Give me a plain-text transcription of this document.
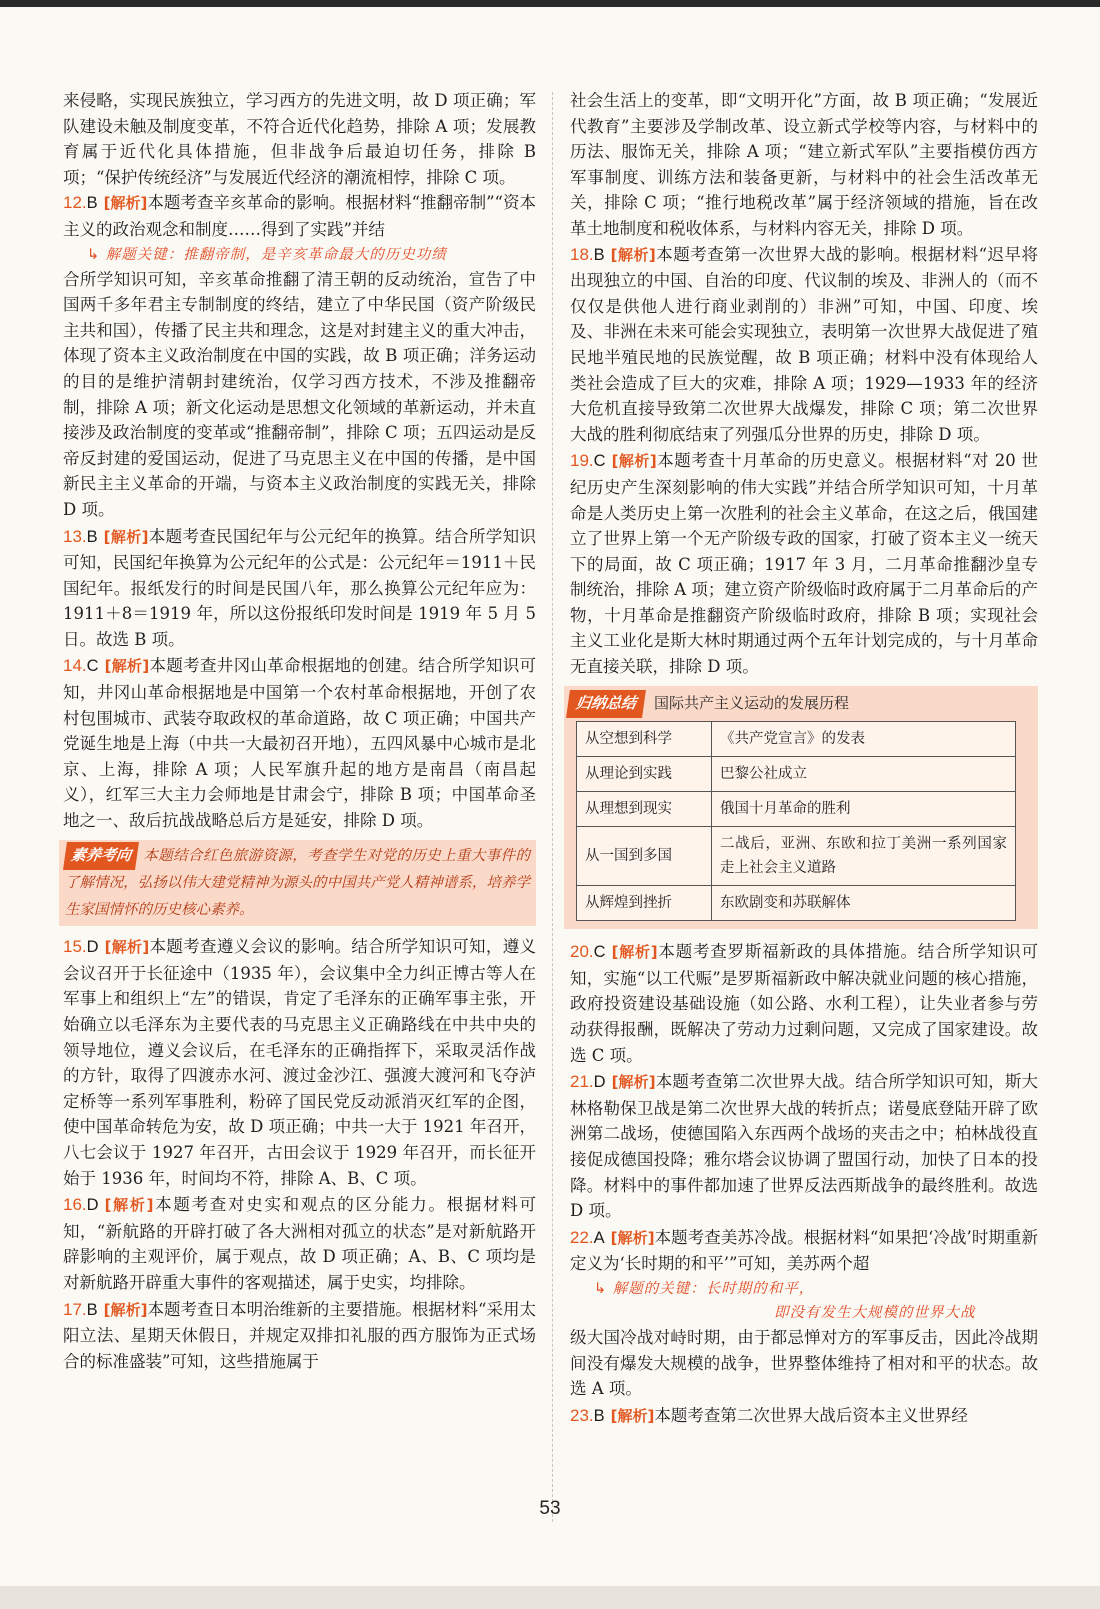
来侵略，实现民族独立，学习西方的先进文明，故 D 项正确；军队建设未触及制度变革，不符合近代化趋势，排除 A 项；发展教育属于近代化具体措施，但非战争后最迫切任务，排除 B 项；“保护传统经济”与发展近代经济的潮流相悖，排除 C 项。
12.B [解析]本题考查辛亥革命的影响。根据材料“推翻帝制”“资本主义的政治观念和制度……得到了实践”并结
↳ 解题关键：推翻帝制，是辛亥革命最大的历史功绩
合所学知识可知，辛亥革命推翻了清王朝的反动统治，宣告了中国两千多年君主专制制度的终结，建立了中华民国（资产阶级民主共和国），传播了民主共和理念，这是对封建主义的重大冲击，体现了资本主义政治制度在中国的实践，故 B 项正确；洋务运动的目的是维护清朝封建统治，仅学习西方技术，不涉及推翻帝制，排除 A 项；新文化运动是思想文化领域的革新运动，并未直接涉及政治制度的变革或“推翻帝制”，排除 C 项；五四运动是反帝反封建的爱国运动，促进了马克思主义在中国的传播，是中国新民主主义革命的开端，与资本主义政治制度的实践无关，排除 D 项。
13.B [解析]本题考查民国纪年与公元纪年的换算。结合所学知识可知，民国纪年换算为公元纪年的公式是：公元纪年＝1911＋民国纪年。报纸发行的时间是民国八年，那么换算公元纪年应为：1911＋8＝1919 年，所以这份报纸印发时间是 1919 年 5 月 5 日。故选 B 项。
14.C [解析]本题考查井冈山革命根据地的创建。结合所学知识可知，井冈山革命根据地是中国第一个农村革命根据地，开创了农村包围城市、武装夺取政权的革命道路，故 C 项正确；中国共产党诞生地是上海（中共一大最初召开地），五四风暴中心城市是北京、上海，排除 A 项；人民军旗升起的地方是南昌（南昌起义），红军三大主力会师地是甘肃会宁，排除 B 项；中国革命圣地之一、敌后抗战战略总后方是延安，排除 D 项。
素养考向 本题结合红色旅游资源，考查学生对党的历史上重大事件的了解情况，弘扬以伟大建党精神为源头的中国共产党人精神谱系，培养学生家国情怀的历史核心素养。
15.D [解析]本题考查遵义会议的影响。结合所学知识可知，遵义会议召开于长征途中（1935 年），会议集中全力纠正博古等人在军事上和组织上“左”的错误，肯定了毛泽东的正确军事主张，开始确立以毛泽东为主要代表的马克思主义正确路线在中共中央的领导地位，遵义会议后，在毛泽东的正确指挥下，采取灵活作战的方针，取得了四渡赤水河、渡过金沙江、强渡大渡河和飞夺泸定桥等一系列军事胜利，粉碎了国民党反动派消灭红军的企图，使中国革命转危为安，故 D 项正确；中共一大于 1921 年召开，八七会议于 1927 年召开，古田会议于 1929 年召开，而长征开始于 1936 年，时间均不符，排除 A、B、C 项。
16.D [解析]本题考查对史实和观点的区分能力。根据材料可知，“新航路的开辟打破了各大洲相对孤立的状态”是对新航路开辟影响的主观评价，属于观点，故 D 项正确；A、B、C 项均是对新航路开辟重大事件的客观描述，属于史实，均排除。
17.B [解析]本题考查日本明治维新的主要措施。根据材料“采用太阳立法、星期天休假日，并规定双排扣礼服的西方服饰为正式场合的标准盛装”可知，这些措施属于
社会生活上的变革，即“文明开化”方面，故 B 项正确；“发展近代教育”主要涉及学制改革、设立新式学校等内容，与材料中的历法、服饰无关，排除 A 项；“建立新式军队”主要指模仿西方军事制度、训练方法和装备更新，与材料中的社会生活改革无关，排除 C 项；“推行地税改革”属于经济领域的措施，旨在改革土地制度和税收体系，与材料内容无关，排除 D 项。
18.B [解析]本题考查第一次世界大战的影响。根据材料“迟早将出现独立的中国、自治的印度、代议制的埃及、非洲人的（而不仅仅是供他人进行商业剥削的）非洲”可知，中国、印度、埃及、非洲在未来可能会实现独立，表明第一次世界大战促进了殖民地半殖民地的民族觉醒，故 B 项正确；材料中没有体现给人类社会造成了巨大的灾难，排除 A 项；1929—1933 年的经济大危机直接导致第二次世界大战爆发，排除 C 项；第二次世界大战的胜利彻底结束了列强瓜分世界的历史，排除 D 项。
19.C [解析]本题考查十月革命的历史意义。根据材料“对 20 世纪历史产生深刻影响的伟大实践”并结合所学知识可知，十月革命是人类历史上第一次胜利的社会主义革命，在这之后，俄国建立了世界上第一个无产阶级专政的国家，打破了资本主义一统天下的局面，故 C 项正确；1917 年 3 月，二月革命推翻沙皇专制统治，排除 A 项；建立资产阶级临时政府属于二月革命后的产物，十月革命是推翻资产阶级临时政府，排除 B 项；实现社会主义工业化是斯大林时期通过两个五年计划完成的，与十月革命无直接关联，排除 D 项。
归纳总结	国际共产主义运动的发展历程
从空想到科学	《共产党宣言》的发表
从理论到实践	巴黎公社成立
从理想到现实	俄国十月革命的胜利
从一国到多国	二战后，亚洲、东欧和拉丁美洲一系列国家走上社会主义道路
从辉煌到挫折	东欧剧变和苏联解体
20.C [解析]本题考查罗斯福新政的具体措施。结合所学知识可知，实施“以工代赈”是罗斯福新政中解决就业问题的核心措施，政府投资建设基础设施（如公路、水利工程），让失业者参与劳动获得报酬，既解决了劳动力过剩问题，又完成了国家建设。故选 C 项。
21.D [解析]本题考查第二次世界大战。结合所学知识可知，斯大林格勒保卫战是第二次世界大战的转折点；诺曼底登陆开辟了欧洲第二战场，使德国陷入东西两个战场的夹击之中；柏林战役直接促成德国投降；雅尔塔会议协调了盟国行动，加快了日本的投降。材料中的事件都加速了世界反法西斯战争的最终胜利。故选 D 项。
22.A [解析]本题考查美苏冷战。根据材料“如果把‘冷战’时期重新定义为‘长时期的和平’”可知，美苏两个超
↳ 解题的关键：长时期的和平，
即没有发生大规模的世界大战
级大国冷战对峙时期，由于都忌惮对方的军事反击，因此冷战期间没有爆发大规模的战争，世界整体维持了相对和平的状态。故选 A 项。
23.B [解析]本题考查第二次世界大战后资本主义世界经
53
